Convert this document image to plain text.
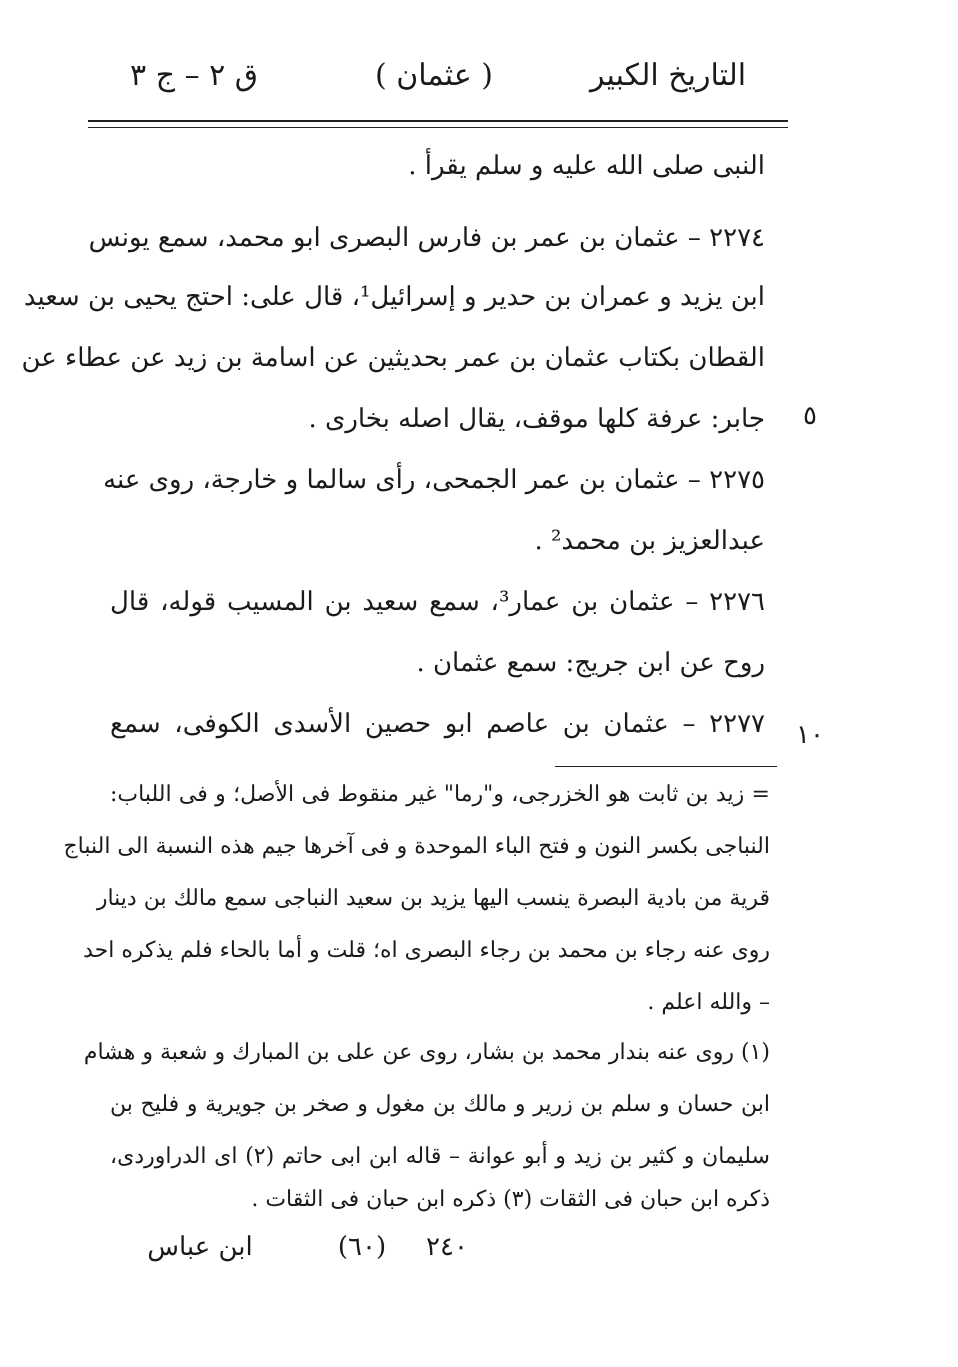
التاريخ الكبير
( عثمان )
ق ٢ – ج ٣
النبى صلى الله عليه و سلم يقرأ .
٢٢٧٤ – عثمان بن عمر بن فارس البصرى ابو محمد، سمع يونس
ابن يزيد و عمران بن حدير و إسرائيل¹، قال على: احتج يحيى بن سعيد
القطان بكتاب عثمان بن عمر بحديثين عن اسامة بن زيد عن عطاء عن
جابر: عرفة كلها موقف، يقال اصله بخارى .
٢٢٧٥ – عثمان بن عمر الجمحى، رأى سالما و خارجة، روى عنه
عبدالعزيز بن محمد² .
٢٢٧٦ – عثمان بن عمار³، سمع سعيد بن المسيب قوله، قال
روح عن ابن جريج: سمع عثمان .
٢٢٧٧ – عثمان بن عاصم ابو حصين الأسدى الكوفى، سمع
٥
١٠
= زيد بن ثابت هو الخزرجى، و"رما" غير منقوط فى الأصل؛ و فى اللباب:
النباجى بكسر النون و فتح الباء الموحدة و فى آخرها جيم هذه النسبة الى النباج
قرية من بادية البصرة ينسب اليها يزيد بن سعيد النباجى سمع مالك بن دينار
روى عنه رجاء بن محمد بن رجاء البصرى اه؛ قلت و أما بالحاء فلم يذكره احد
– والله اعلم .
(١) روى عنه بندار محمد بن بشار، روى عن على بن المبارك و شعبة و هشام
ابن حسان و سلم بن زرير و مالك بن مغول و صخر بن جويرية و فليح بن
سليمان و كثير بن زيد و أبو عوانة – قاله ابن ابى حاتم (٢) اى الدراوردى،
ذكره ابن حبان فى الثقات (٣) ذكره ابن حبان فى الثقات .
٢٤٠
(٦٠)
ابن عباس
